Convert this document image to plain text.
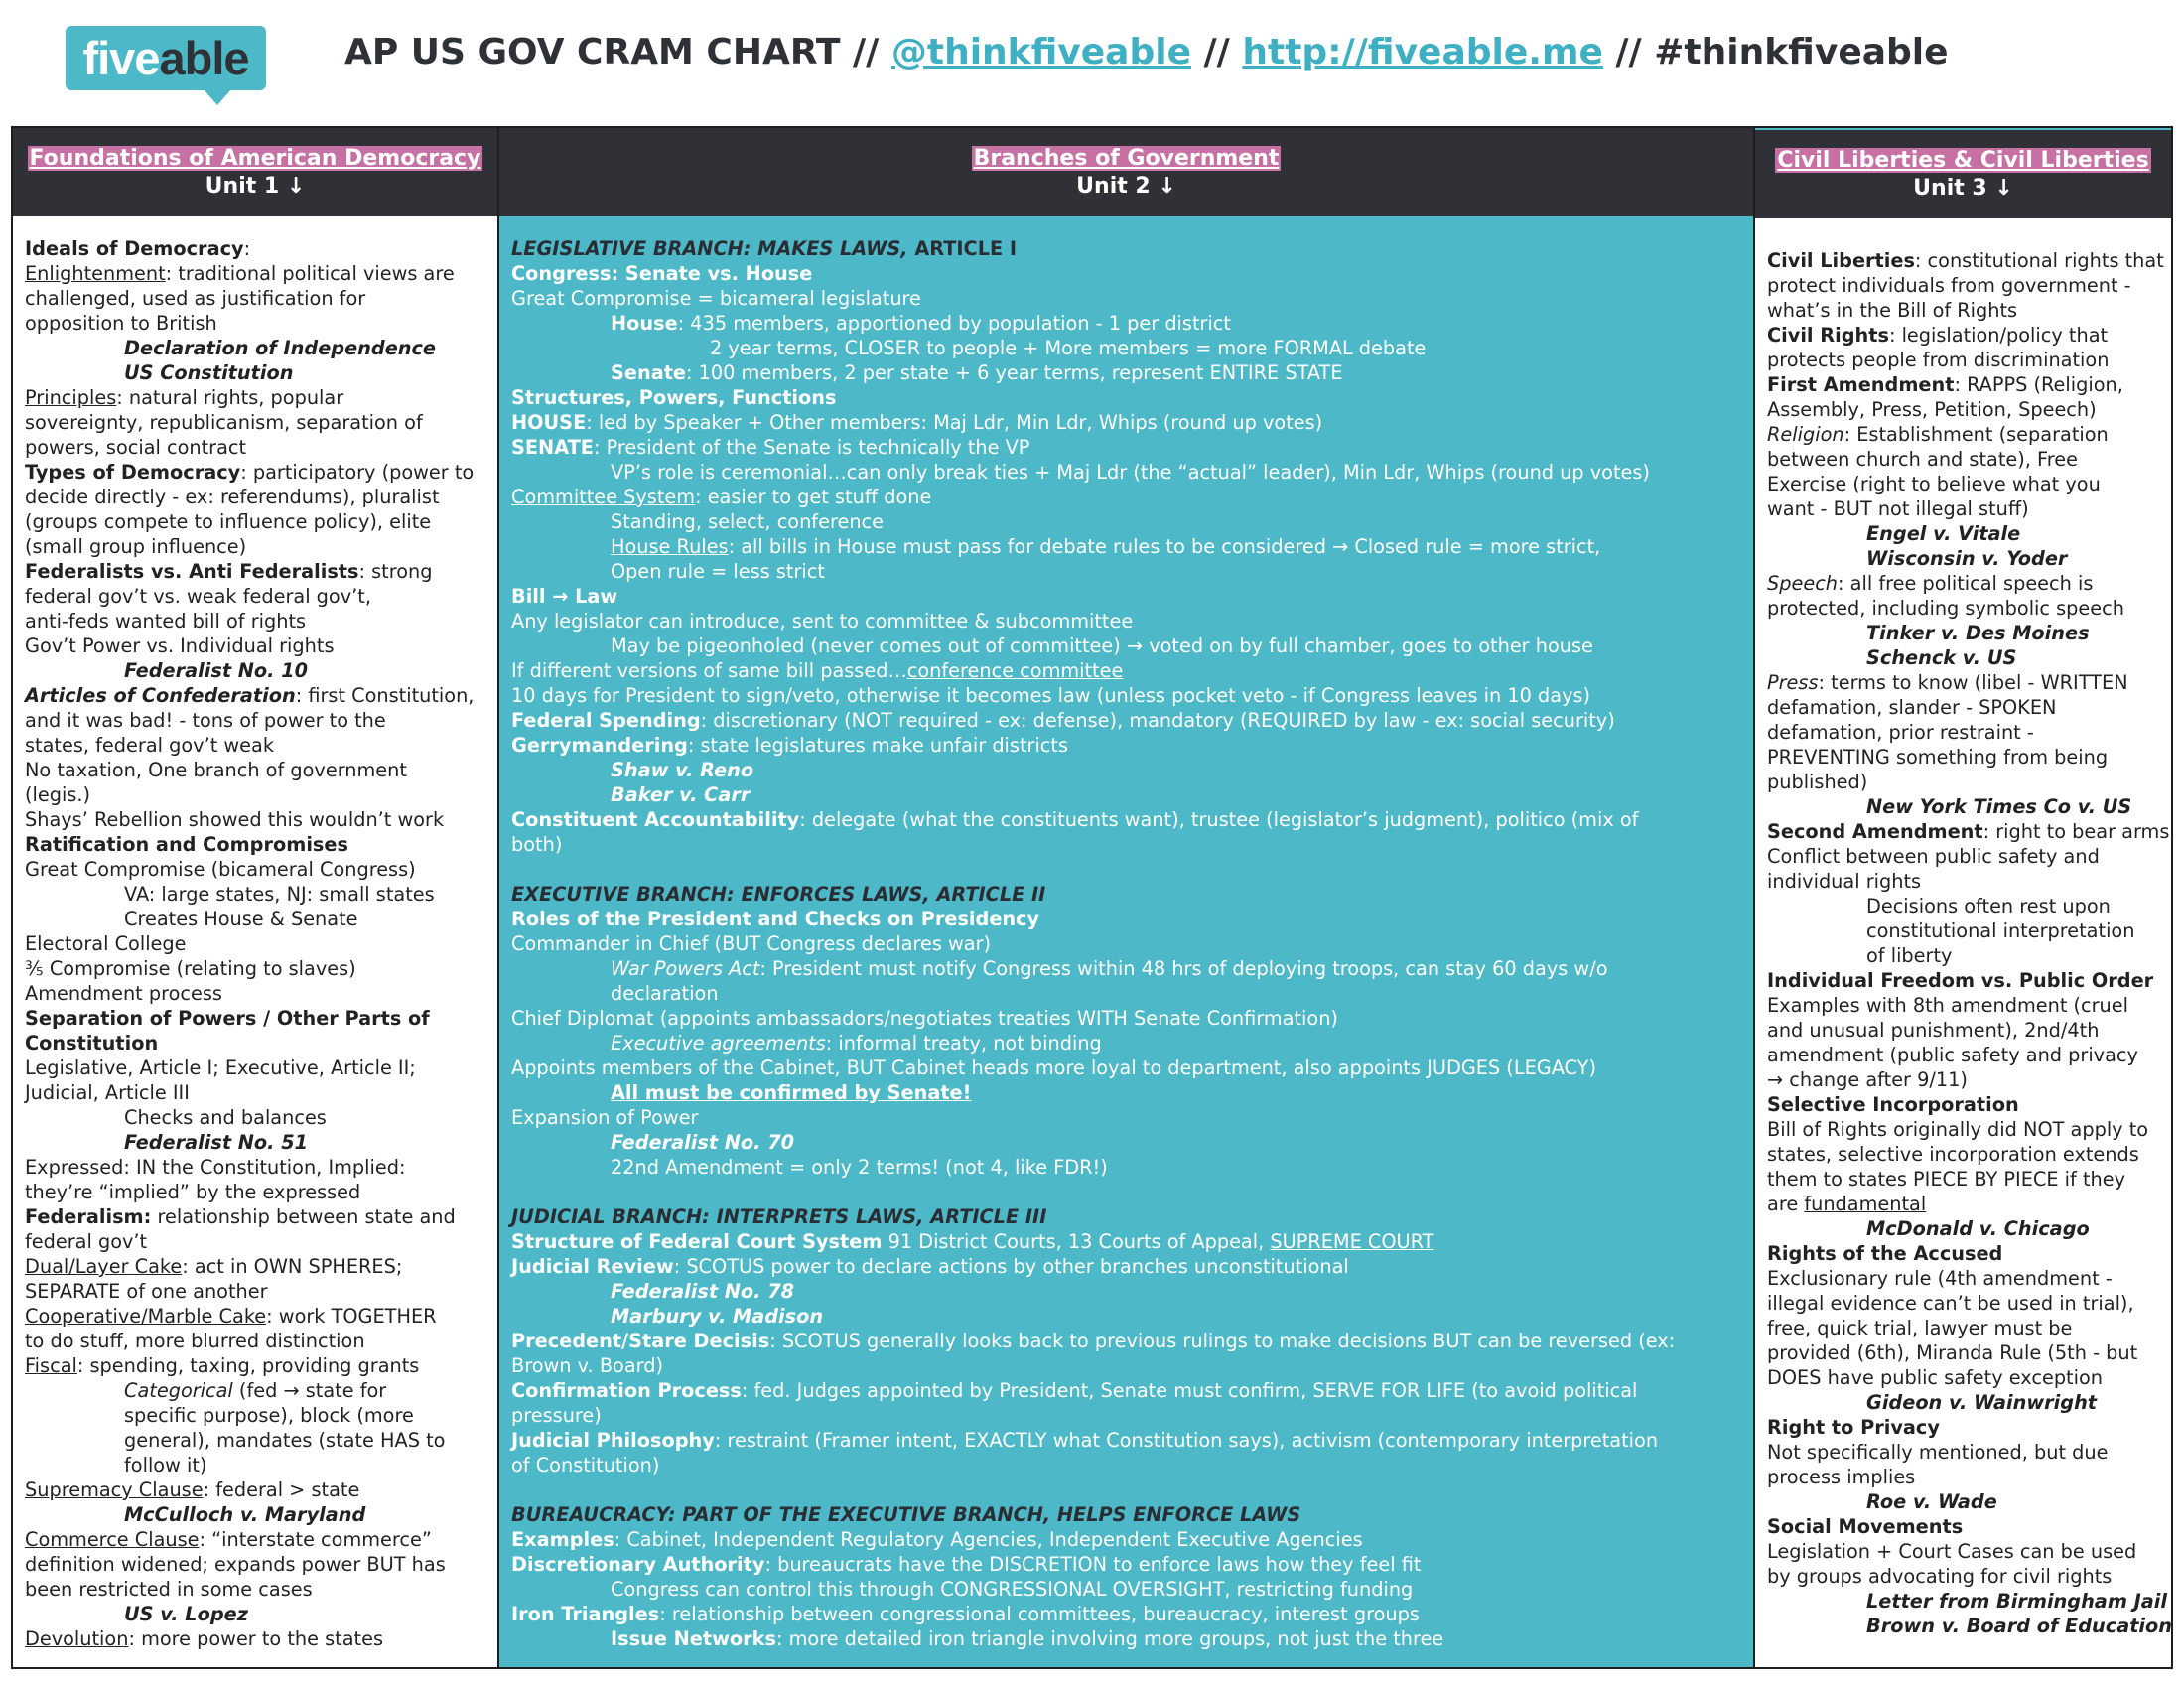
fiveable	AP US GOV CRAM CHART // @thinkfiveable // http://fiveable.me // #thinkfiveable
Foundations of American Democracy
Unit 1 ↓
Ideals of Democracy:
Enlightenment: traditional political views are
challenged, used as justification for
opposition to British
Declaration of Independence
US Constitution
Principles: natural rights, popular
sovereignty, republicanism, separation of
powers, social contract
Types of Democracy: participatory (power to
decide directly - ex: referendums), pluralist
(groups compete to influence policy), elite
(small group influence)
Federalists vs. Anti Federalists: strong
federal gov’t vs. weak federal gov’t,
anti-feds wanted bill of rights
Gov’t Power vs. Individual rights
Federalist No. 10
Articles of Confederation: first Constitution,
and it was bad! - tons of power to the
states, federal gov’t weak
No taxation, One branch of government
(legis.)
Shays’ Rebellion showed this wouldn’t work
Ratification and Compromises
Great Compromise (bicameral Congress)
VA: large states, NJ: small states
Creates House & Senate
Electoral College
⅗ Compromise (relating to slaves)
Amendment process
Separation of Powers / Other Parts of
Constitution
Legislative, Article I; Executive, Article II;
Judicial, Article III
Checks and balances
Federalist No. 51
Expressed: IN the Constitution, Implied:
they’re “implied” by the expressed
Federalism: relationship between state and
federal gov’t
Dual/Layer Cake: act in OWN SPHERES;
SEPARATE of one another
Cooperative/Marble Cake: work TOGETHER
to do stuff, more blurred distinction
Fiscal: spending, taxing, providing grants
Categorical (fed → state for
specific purpose), block (more
general), mandates (state HAS to
follow it)
Supremacy Clause: federal > state
McCulloch v. Maryland
Commerce Clause: “interstate commerce”
definition widened; expands power BUT has
been restricted in some cases
US v. Lopez
Devolution: more power to the states
Branches of Government
Unit 2 ↓
LEGISLATIVE BRANCH: MAKES LAWS, ARTICLE I
Congress: Senate vs. House
Great Compromise = bicameral legislature
House: 435 members, apportioned by population - 1 per district
2 year terms, CLOSER to people + More members = more FORMAL debate
Senate: 100 members, 2 per state + 6 year terms, represent ENTIRE STATE
Structures, Powers, Functions
HOUSE: led by Speaker + Other members: Maj Ldr, Min Ldr, Whips (round up votes)
SENATE: President of the Senate is technically the VP
VP’s role is ceremonial…can only break ties + Maj Ldr (the “actual” leader), Min Ldr, Whips (round up votes)
Committee System: easier to get stuff done
Standing, select, conference
House Rules: all bills in House must pass for debate rules to be considered → Closed rule = more strict,
Open rule = less strict
Bill → Law
Any legislator can introduce, sent to committee & subcommittee
May be pigeonholed (never comes out of committee) → voted on by full chamber, goes to other house
If different versions of same bill passed…conference committee
10 days for President to sign/veto, otherwise it becomes law (unless pocket veto - if Congress leaves in 10 days)
Federal Spending: discretionary (NOT required - ex: defense), mandatory (REQUIRED by law - ex: social security)
Gerrymandering: state legislatures make unfair districts
Shaw v. Reno
Baker v. Carr
Constituent Accountability: delegate (what the constituents want), trustee (legislator’s judgment), politico (mix of
both)
EXECUTIVE BRANCH: ENFORCES LAWS, ARTICLE II
Roles of the President and Checks on Presidency
Commander in Chief (BUT Congress declares war)
War Powers Act: President must notify Congress within 48 hrs of deploying troops, can stay 60 days w/o
declaration
Chief Diplomat (appoints ambassadors/negotiates treaties WITH Senate Confirmation)
Executive agreements: informal treaty, not binding
Appoints members of the Cabinet, BUT Cabinet heads more loyal to department, also appoints JUDGES (LEGACY)
All must be confirmed by Senate!
Expansion of Power
Federalist No. 70
22nd Amendment = only 2 terms! (not 4, like FDR!)
JUDICIAL BRANCH: INTERPRETS LAWS, ARTICLE III
Structure of Federal Court System 91 District Courts, 13 Courts of Appeal, SUPREME COURT
Judicial Review: SCOTUS power to declare actions by other branches unconstitutional
Federalist No. 78
Marbury v. Madison
Precedent/Stare Decisis: SCOTUS generally looks back to previous rulings to make decisions BUT can be reversed (ex:
Brown v. Board)
Confirmation Process: fed. Judges appointed by President, Senate must confirm, SERVE FOR LIFE (to avoid political
pressure)
Judicial Philosophy: restraint (Framer intent, EXACTLY what Constitution says), activism (contemporary interpretation
of Constitution)
BUREAUCRACY: PART OF THE EXECUTIVE BRANCH, HELPS ENFORCE LAWS
Examples: Cabinet, Independent Regulatory Agencies, Independent Executive Agencies
Discretionary Authority: bureaucrats have the DISCRETION to enforce laws how they feel fit
Congress can control this through CONGRESSIONAL OVERSIGHT, restricting funding
Iron Triangles: relationship between congressional committees, bureaucracy, interest groups
Issue Networks: more detailed iron triangle involving more groups, not just the three
Civil Liberties & Civil Liberties
Unit 3 ↓
Civil Liberties: constitutional rights that
protect individuals from government -
what’s in the Bill of Rights
Civil Rights: legislation/policy that
protects people from discrimination
First Amendment: RAPPS (Religion,
Assembly, Press, Petition, Speech)
Religion: Establishment (separation
between church and state), Free
Exercise (right to believe what you
want - BUT not illegal stuff)
Engel v. Vitale
Wisconsin v. Yoder
Speech: all free political speech is
protected, including symbolic speech
Tinker v. Des Moines
Schenck v. US
Press: terms to know (libel - WRITTEN
defamation, slander - SPOKEN
defamation, prior restraint -
PREVENTING something from being
published)
New York Times Co v. US
Second Amendment: right to bear arms
Conflict between public safety and
individual rights
Decisions often rest upon
constitutional interpretation
of liberty
Individual Freedom vs. Public Order
Examples with 8th amendment (cruel
and unusual punishment), 2nd/4th
amendment (public safety and privacy
→ change after 9/11)
Selective Incorporation
Bill of Rights originally did NOT apply to
states, selective incorporation extends
them to states PIECE BY PIECE if they
are fundamental
McDonald v. Chicago
Rights of the Accused
Exclusionary rule (4th amendment -
illegal evidence can’t be used in trial),
free, quick trial, lawyer must be
provided (6th), Miranda Rule (5th - but
DOES have public safety exception
Gideon v. Wainwright
Right to Privacy
Not specifically mentioned, but due
process implies
Roe v. Wade
Social Movements
Legislation + Court Cases can be used
by groups advocating for civil rights
Letter from Birmingham Jail
Brown v. Board of Education
